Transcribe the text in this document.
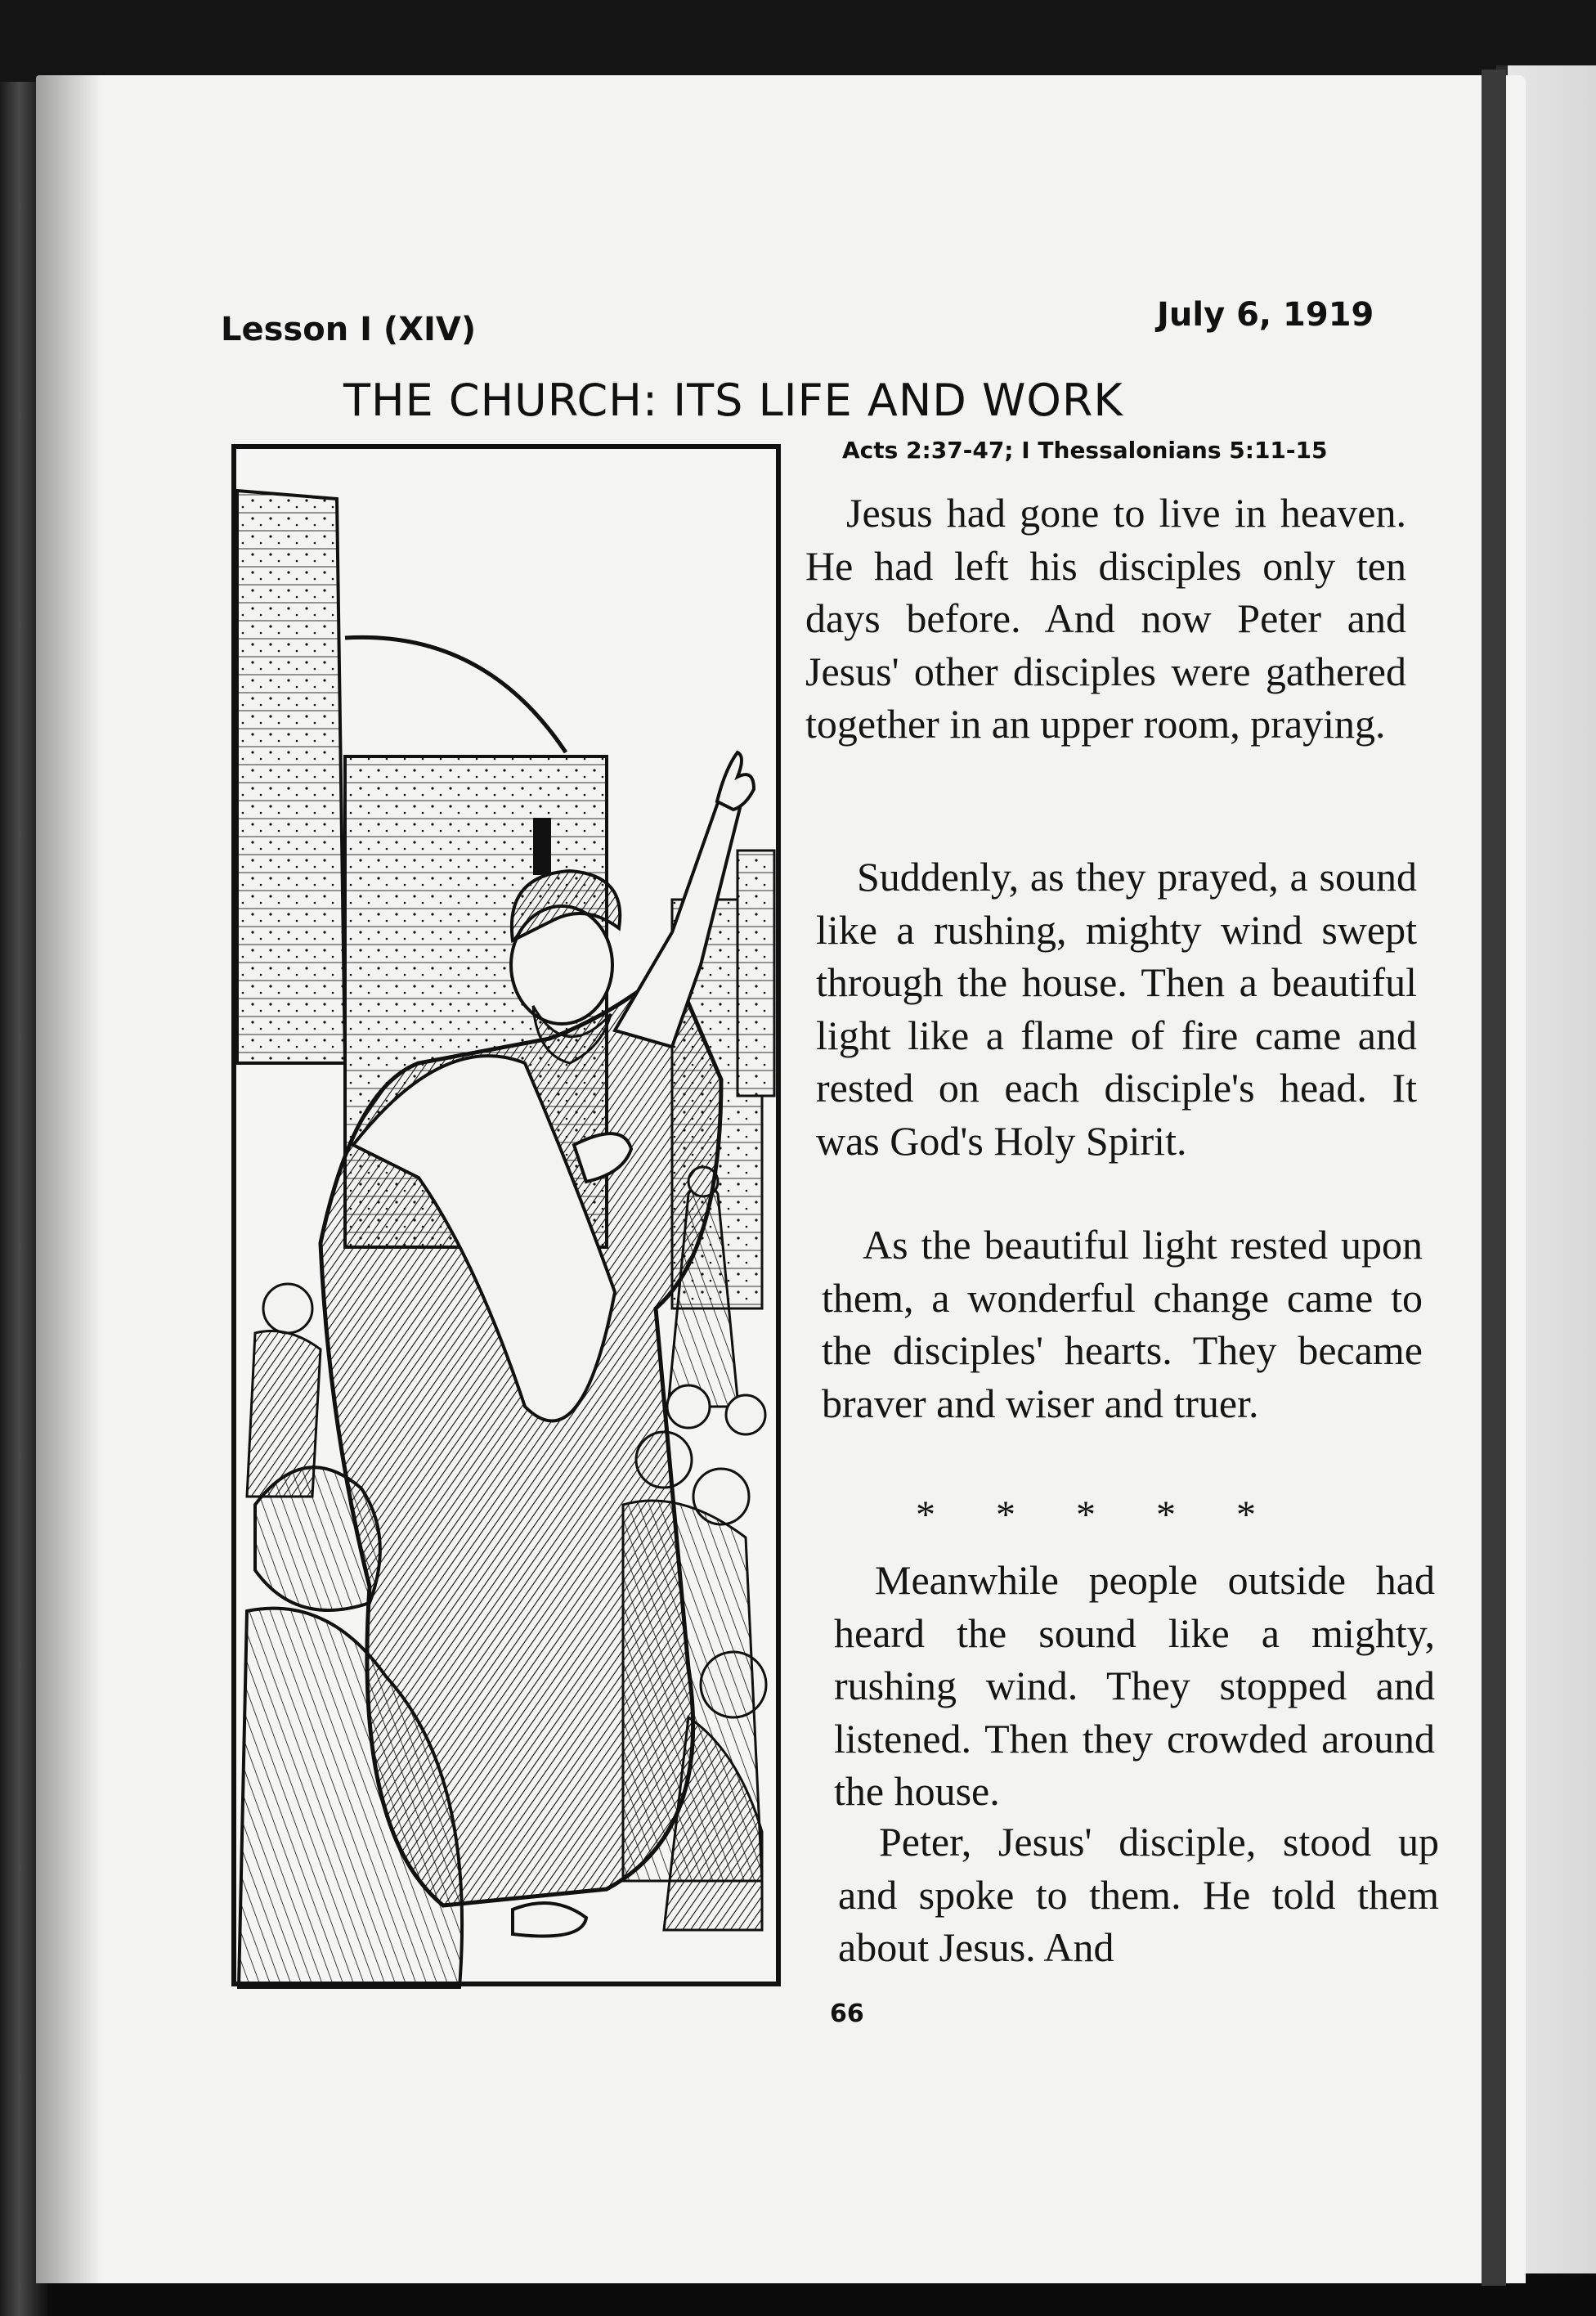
Lesson I (XIV)	July 6, 1919
THE CHURCH: ITS LIFE AND WORK
Acts 2:37-47; I Thessalonians 5:11-15

Jesus had gone to live in heaven. He had left his disciples only ten days before. And now Peter and Jesus' other disciples were gathered together in an upper room, praying.

Suddenly, as they prayed, a sound like a rushing, mighty wind swept through the house. Then a beautiful light like a flame of fire came and rested on each disciple's head. It was God's Holy Spirit.

As the beautiful light rested upon them, a wonderful change came to the disciples' hearts. They became braver and wiser and truer.

* * * * *

Meanwhile people outside had heard the sound like a mighty, rushing wind. They stopped and listened. Then they crowded around the house.

Peter, Jesus' disciple, stood up and spoke to them. He told them about Jesus. And

66
